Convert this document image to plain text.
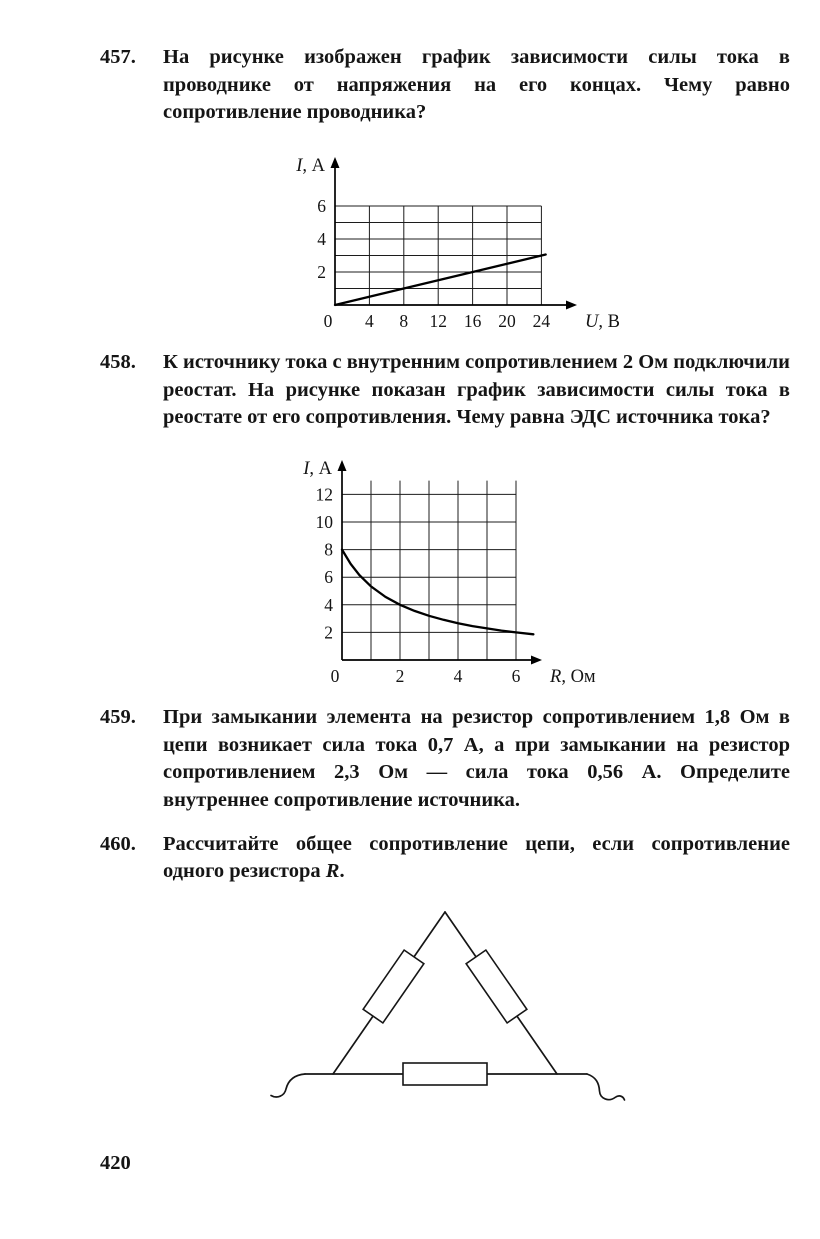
457.	На рисунке изображен график зависимости силы тока в проводнике от напряжения на его концах. Чему равно сопротивление проводника?
0 4 8 12 16 20 24
2
4
6
I, А
U, В
458.	К источнику тока с внутренним сопротивлением 2 Ом подключили реостат. На рисунке показан график зависимости силы тока в реостате от его сопротивления. Чему равна ЭДС источника тока?
0	2	4	6
2
4
6
8
10
12
I, А
R, Ом
459.	При замыкании элемента на резистор сопротивлением 1,8 Ом в цепи возникает сила тока 0,7 А, а при замыкании на резистор сопротивлением 2,3 Ом — сила тока 0,56 А. Определите внутреннее сопротивление источника.
460.	Рассчитайте общее сопротивление цепи, если сопротивление одного резистора R.
420
